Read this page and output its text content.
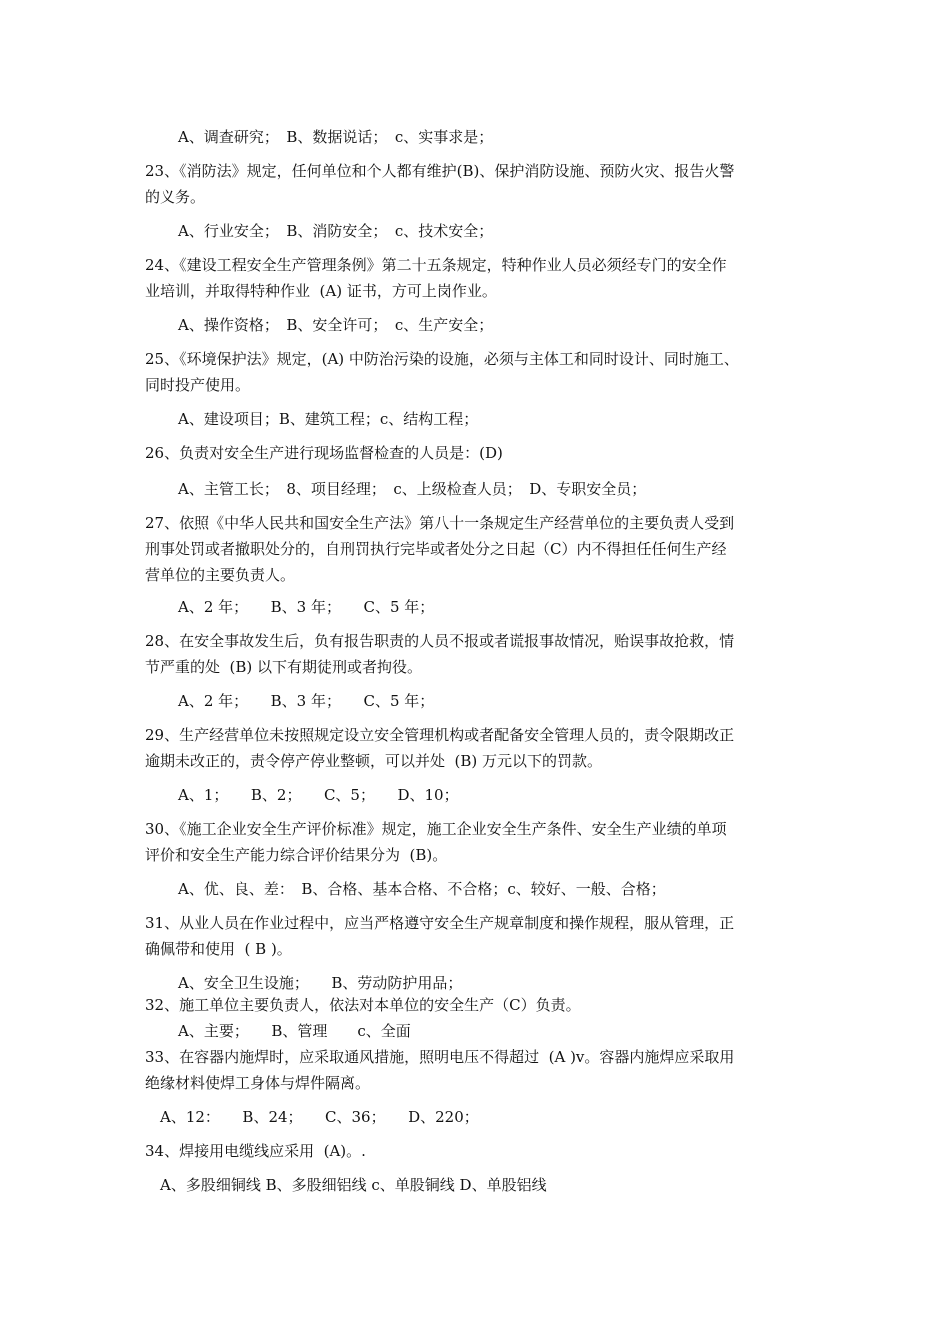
A、调查研究；　B、数据说话；　c、实事求是；
23、《消防法》规定，任何单位和个人都有维护(B)、保护消防设施、预防火灾、报告火警
的义务。
A、行业安全；　B、消防安全；　c、技术安全；
24、《建设工程安全生产管理条例》第二十五条规定，特种作业人员必须经专门的安全作
业培训，并取得特种作业  (A) 证书，方可上岗作业。
A、操作资格；　B、安全许可；　c、生产安全；
25、《环境保护法》规定，(A) 中防治污染的设施，必须与主体工和同时设计、同时施工、
同时投产使用。
A、建设项目；B、建筑工程；c、结构工程；
26、负责对安全生产进行现场监督检查的人员是：(D)
A、主管工长；　8、项目经理；　c、上级检查人员；　D、专职安全员；
27、依照《中华人民共和国安全生产法》第八十一条规定生产经营单位的主要负责人受到
刑事处罚或者撤职处分的，自刑罚执行完毕或者处分之日起（C）内不得担任任何生产经
营单位的主要负责人。
A、2 年；　　B、3 年；　　C、5 年；
28、在安全事故发生后，负有报告职责的人员不报或者谎报事故情况，贻误事故抢救，情
节严重的处  (B) 以下有期徒刑或者拘役。
A、2 年；　　B、3 年；　　C、5 年；
29、生产经营单位未按照规定设立安全管理机构或者配备安全管理人员的，责令限期改正
逾期未改正的，责令停产停业整顿，可以并处  (B) 万元以下的罚款。
A、1；　　B、2；　　C、5；　　D、10；
30、《施工企业安全生产评价标准》规定，施工企业安全生产条件、安全生产业绩的单项
评价和安全生产能力综合评价结果分为  (B)。
A、优、良、差：　B、合格、基本合格、不合格；c、较好、一般、合格；
31、从业人员在作业过程中，应当严格遵守安全生产规章制度和操作规程，服从管理，正
确佩带和使用  ( B )。
A、安全卫生设施；　　B、劳动防护用品；
32、施工单位主要负责人，依法对本单位的安全生产（C）负责。
A、主要；　　B、管理　　c、全面
33、在容器内施焊时，应采取通风措施，照明电压不得超过  (A )v。容器内施焊应采取用
绝缘材料使焊工身体与焊件隔离。
A、12：　　B、24；　　C、36；　　D、220；
34、焊接用电缆线应采用  (A)。.
A、多股细铜线 B、多股细铝线 c、单股铜线 D、单股铝线
